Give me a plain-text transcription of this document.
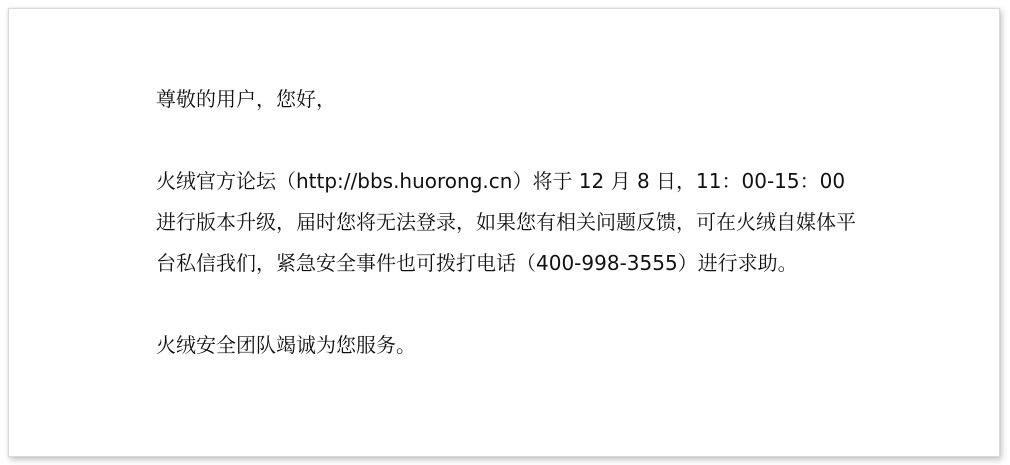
尊敬的用户，您好，

火绒官方论坛（http://bbs.huorong.cn）将于 12 月 8 日，11：00-15：00 进行版本升级，届时您将无法登录，如果您有相关问题反馈，可在火绒自媒体平台私信我们，紧急安全事件也可拨打电话（400-998-3555）进行求助。

火绒安全团队竭诚为您服务。
